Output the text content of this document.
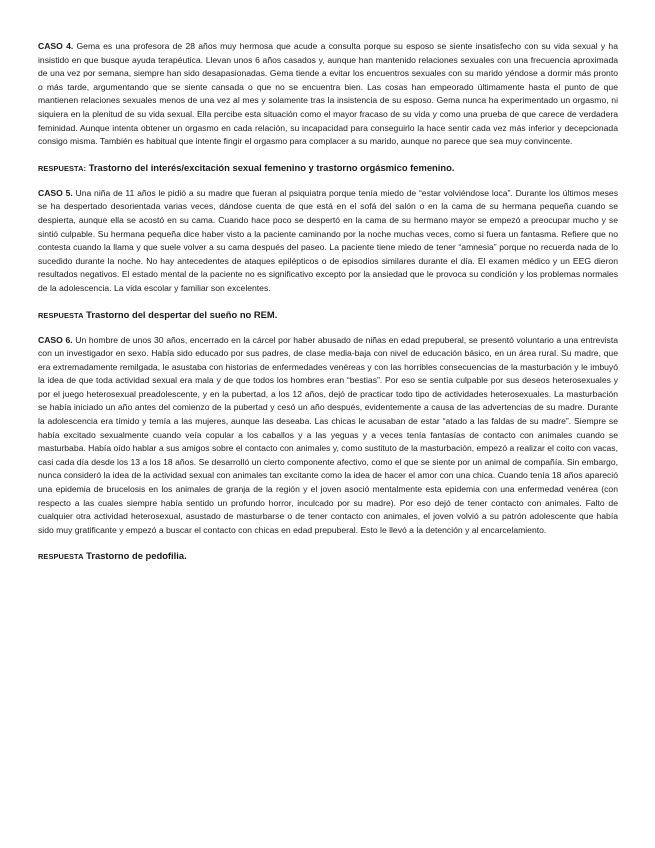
CASO 4. Gema es una profesora de 28 años muy hermosa que acude a consulta porque su esposo se siente insatisfecho con su vida sexual y ha insistido en que busque ayuda terapéutica. Llevan unos 6 años casados y, aunque han mantenido relaciones sexuales con una frecuencia aproximada de una vez por semana, siempre han sido desapasionadas. Gema tiende a evitar los encuentros sexuales con su marido yéndose a dormir más pronto o más tarde, argumentando que se siente cansada o que no se encuentra bien. Las cosas han empeorado últimamente hasta el punto de que mantienen relaciones sexuales menos de una vez al mes y solamente tras la insistencia de su esposo. Gema nunca ha experimentado un orgasmo, ni siquiera en la plenitud de su vida sexual. Ella percibe esta situación como el mayor fracaso de su vida y como una prueba de que carece de verdadera feminidad. Aunque intenta obtener un orgasmo en cada relación, su incapacidad para conseguirlo la hace sentir cada vez más inferior y decepcionada consigo misma. También es habitual que intente fingir el orgasmo para complacer a su marido, aunque no parece que sea muy convincente.

RESPUESTA: Trastorno del interés/excitación sexual femenino y trastorno orgásmico femenino.

CASO 5. Una niña de 11 años le pidió a su madre que fueran al psiquiatra porque tenía miedo de “estar volviéndose loca”. Durante los últimos meses se ha despertado desorientada varias veces, dándose cuenta de que está en el sofá del salón o en la cama de su hermana pequeña cuando se despierta, aunque ella se acostó en su cama. Cuando hace poco se despertó en la cama de su hermano mayor se empezó a preocupar mucho y se sintió culpable. Su hermana pequeña dice haber visto a la paciente caminando por la noche muchas veces, como si fuera un fantasma. Refiere que no contesta cuando la llama y que suele volver a su cama después del paseo. La paciente tiene miedo de tener “amnesia” porque no recuerda nada de lo sucedido durante la noche. No hay antecedentes de ataques epilépticos o de episodios similares durante el día. El examen médico y un EEG dieron resultados negativos. El estado mental de la paciente no es significativo excepto por la ansiedad que le provoca su condición y los problemas normales de la adolescencia. La vida escolar y familiar son excelentes.

RESPUESTA Trastorno del despertar del sueño no REM.

CASO 6. Un hombre de unos 30 años, encerrado en la cárcel por haber abusado de niñas en edad prepuberal, se presentó voluntario a una entrevista con un investigador en sexo. Había sido educado por sus padres, de clase media-baja con nivel de educación básico, en un área rural. Su madre, que era extremadamente remilgada, le asustaba con historias de enfermedades venéreas y con las horribles consecuencias de la masturbación y le imbuyó la idea de que toda actividad sexual era mala y de que todos los hombres eran “bestias”. Por eso se sentía culpable por sus deseos heterosexuales y por el juego heterosexual preadolescente, y en la pubertad, a los 12 años, dejó de practicar todo tipo de actividades heterosexuales. La masturbación se había iniciado un año antes del comienzo de la pubertad y cesó un año después, evidentemente a causa de las advertencias de su madre. Durante la adolescencia era tímido y temía a las mujeres, aunque las deseaba. Las chicas le acusaban de estar “atado a las faldas de su madre”. Siempre se había excitado sexualmente cuando veía copular a los caballos y a las yeguas y a veces tenía fantasías de contacto con animales cuando se masturbaba. Había oído hablar a sus amigos sobre el contacto con animales y, como sustituto de la masturbación, empezó a realizar el coito con vacas, casi cada día desde los 13 a los 18 años. Se desarrolló un cierto componente afectivo, como el que se siente por un animal de compañía. Sin embargo, nunca consideró la idea de la actividad sexual con animales tan excitante como la idea de hacer el amor con una chica. Cuando tenía 18 años apareció una epidemia de brucelosis en los animales de granja de la región y el joven asoció mentalmente esta epidemia con una enfermedad venérea (con respecto a las cuales siempre había sentido un profundo horror, inculcado por su madre). Por eso dejó de tener contacto con animales. Falto de cualquier otra actividad heterosexual, asustado de masturbarse o de tener contacto con animales, el joven volvió a su patrón adolescente que había sido muy gratificante y empezó a buscar el contacto con chicas en edad prepuberal. Esto le llevó a la detención y al encarcelamiento.

RESPUESTA Trastorno de pedofilia.
